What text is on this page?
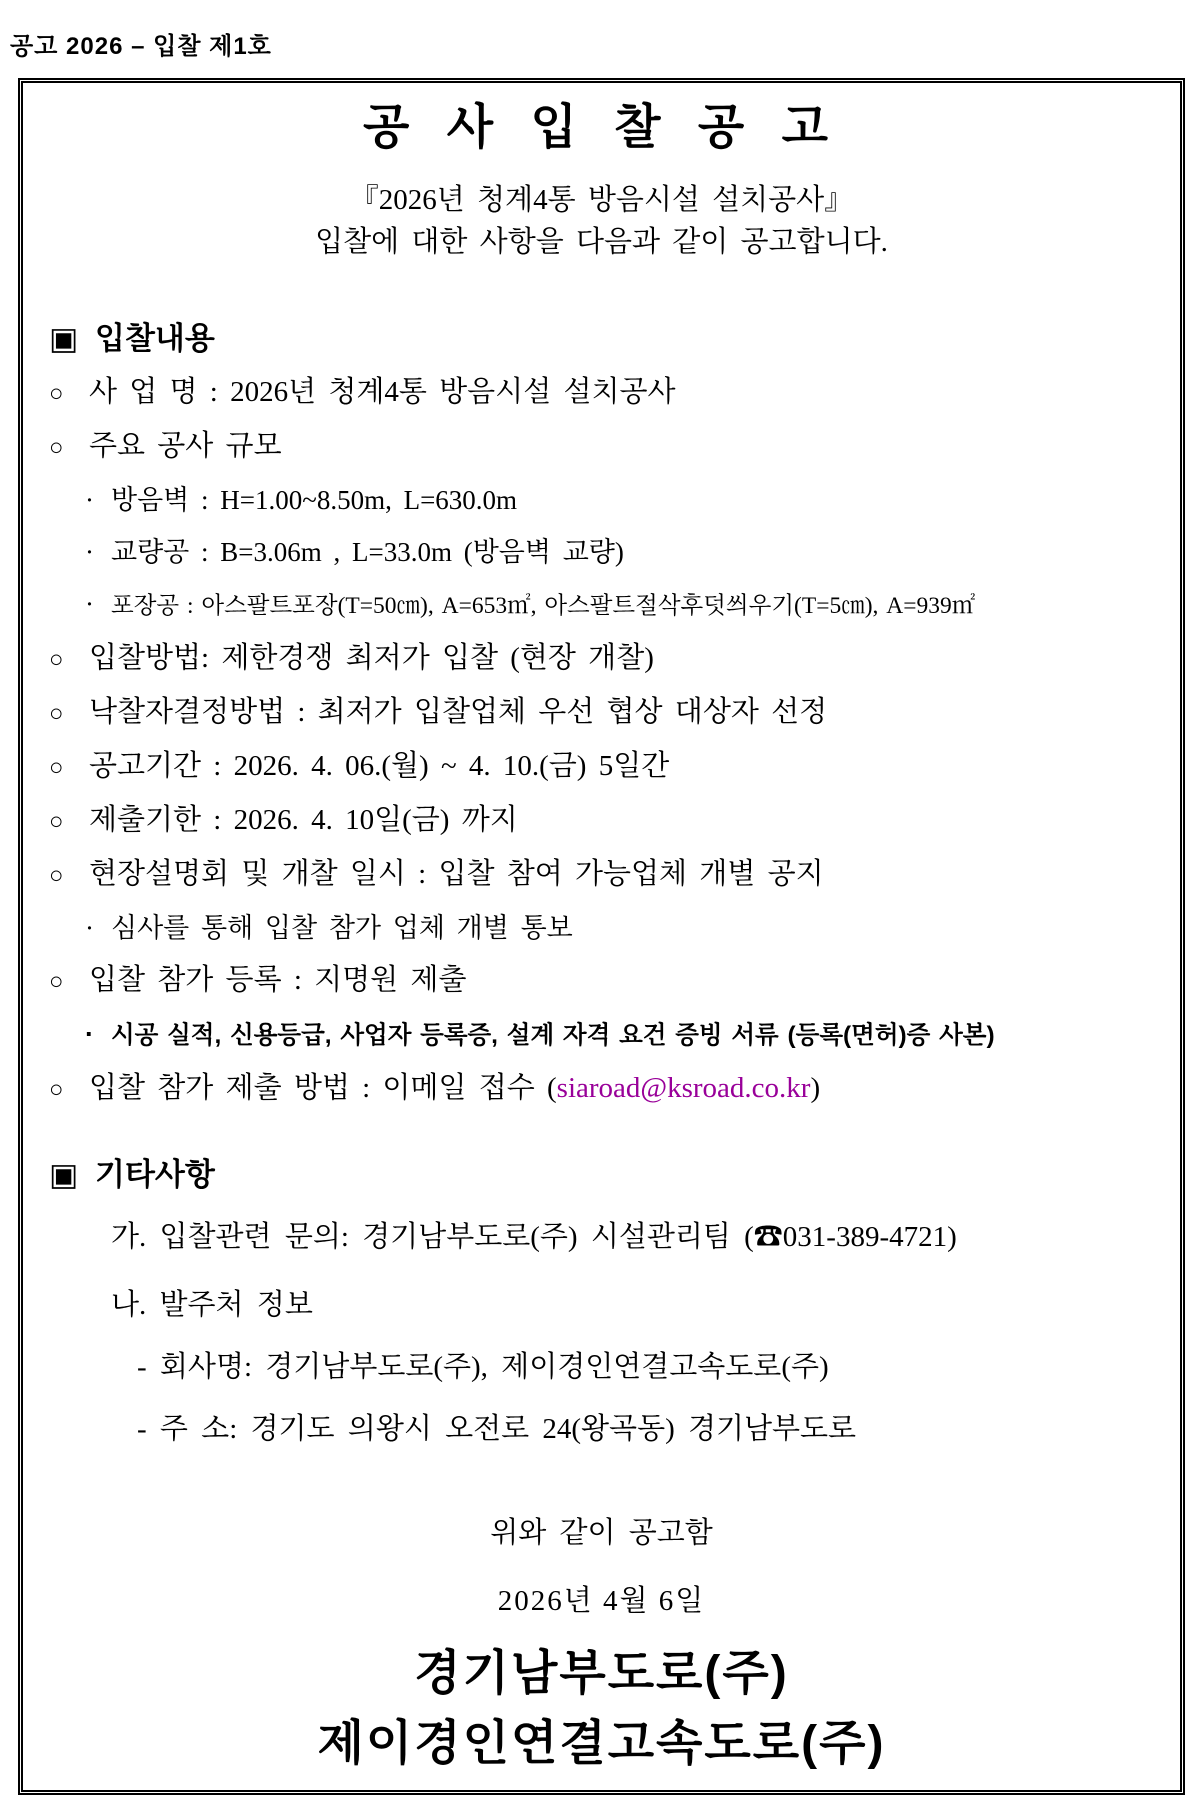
공고 2026 – 입찰 제1호
공 사 입 찰 공 고
『2026년 청계4통 방음시설 설치공사』
입찰에 대한 사항을 다음과 같이 공고합니다.
▣ 입찰내용
○ 사 업 명 : 2026년 청계4통 방음시설 설치공사
○ 주요 공사 규모
· 방음벽 : H=1.00~8.50m, L=630.0m
· 교량공 : B=3.06m , L=33.0m (방음벽 교량)
· 포장공 : 아스팔트포장(T=50㎝), A=653㎡, 아스팔트절삭후덧씌우기(T=5㎝), A=939㎡
○ 입찰방법: 제한경쟁 최저가 입찰 (현장 개찰)
○ 낙찰자결정방법 : 최저가 입찰업체 우선 협상 대상자 선정
○ 공고기간 : 2026. 4. 06.(월) ~ 4. 10.(금) 5일간
○ 제출기한 : 2026. 4. 10일(금) 까지
○ 현장설명회 및 개찰 일시 : 입찰 참여 가능업체 개별 공지
· 심사를 통해 입찰 참가 업체 개별 통보
○ 입찰 참가 등록 : 지명원 제출
· 시공 실적, 신용등급, 사업자 등록증, 설계 자격 요건 증빙 서류 (등록(면허)증 사본)
○ 입찰 참가 제출 방법 : 이메일 접수 (siaroad@ksroad.co.kr)
▣ 기타사항
가. 입찰관련 문의: 경기남부도로(주) 시설관리팀 (☎031-389-4721)
나. 발주처 정보
- 회사명: 경기남부도로(주), 제이경인연결고속도로(주)
- 주 소: 경기도 의왕시 오전로 24(왕곡동) 경기남부도로
위와 같이 공고함
2026년 4월 6일
경기남부도로(주)
제이경인연결고속도로(주)
